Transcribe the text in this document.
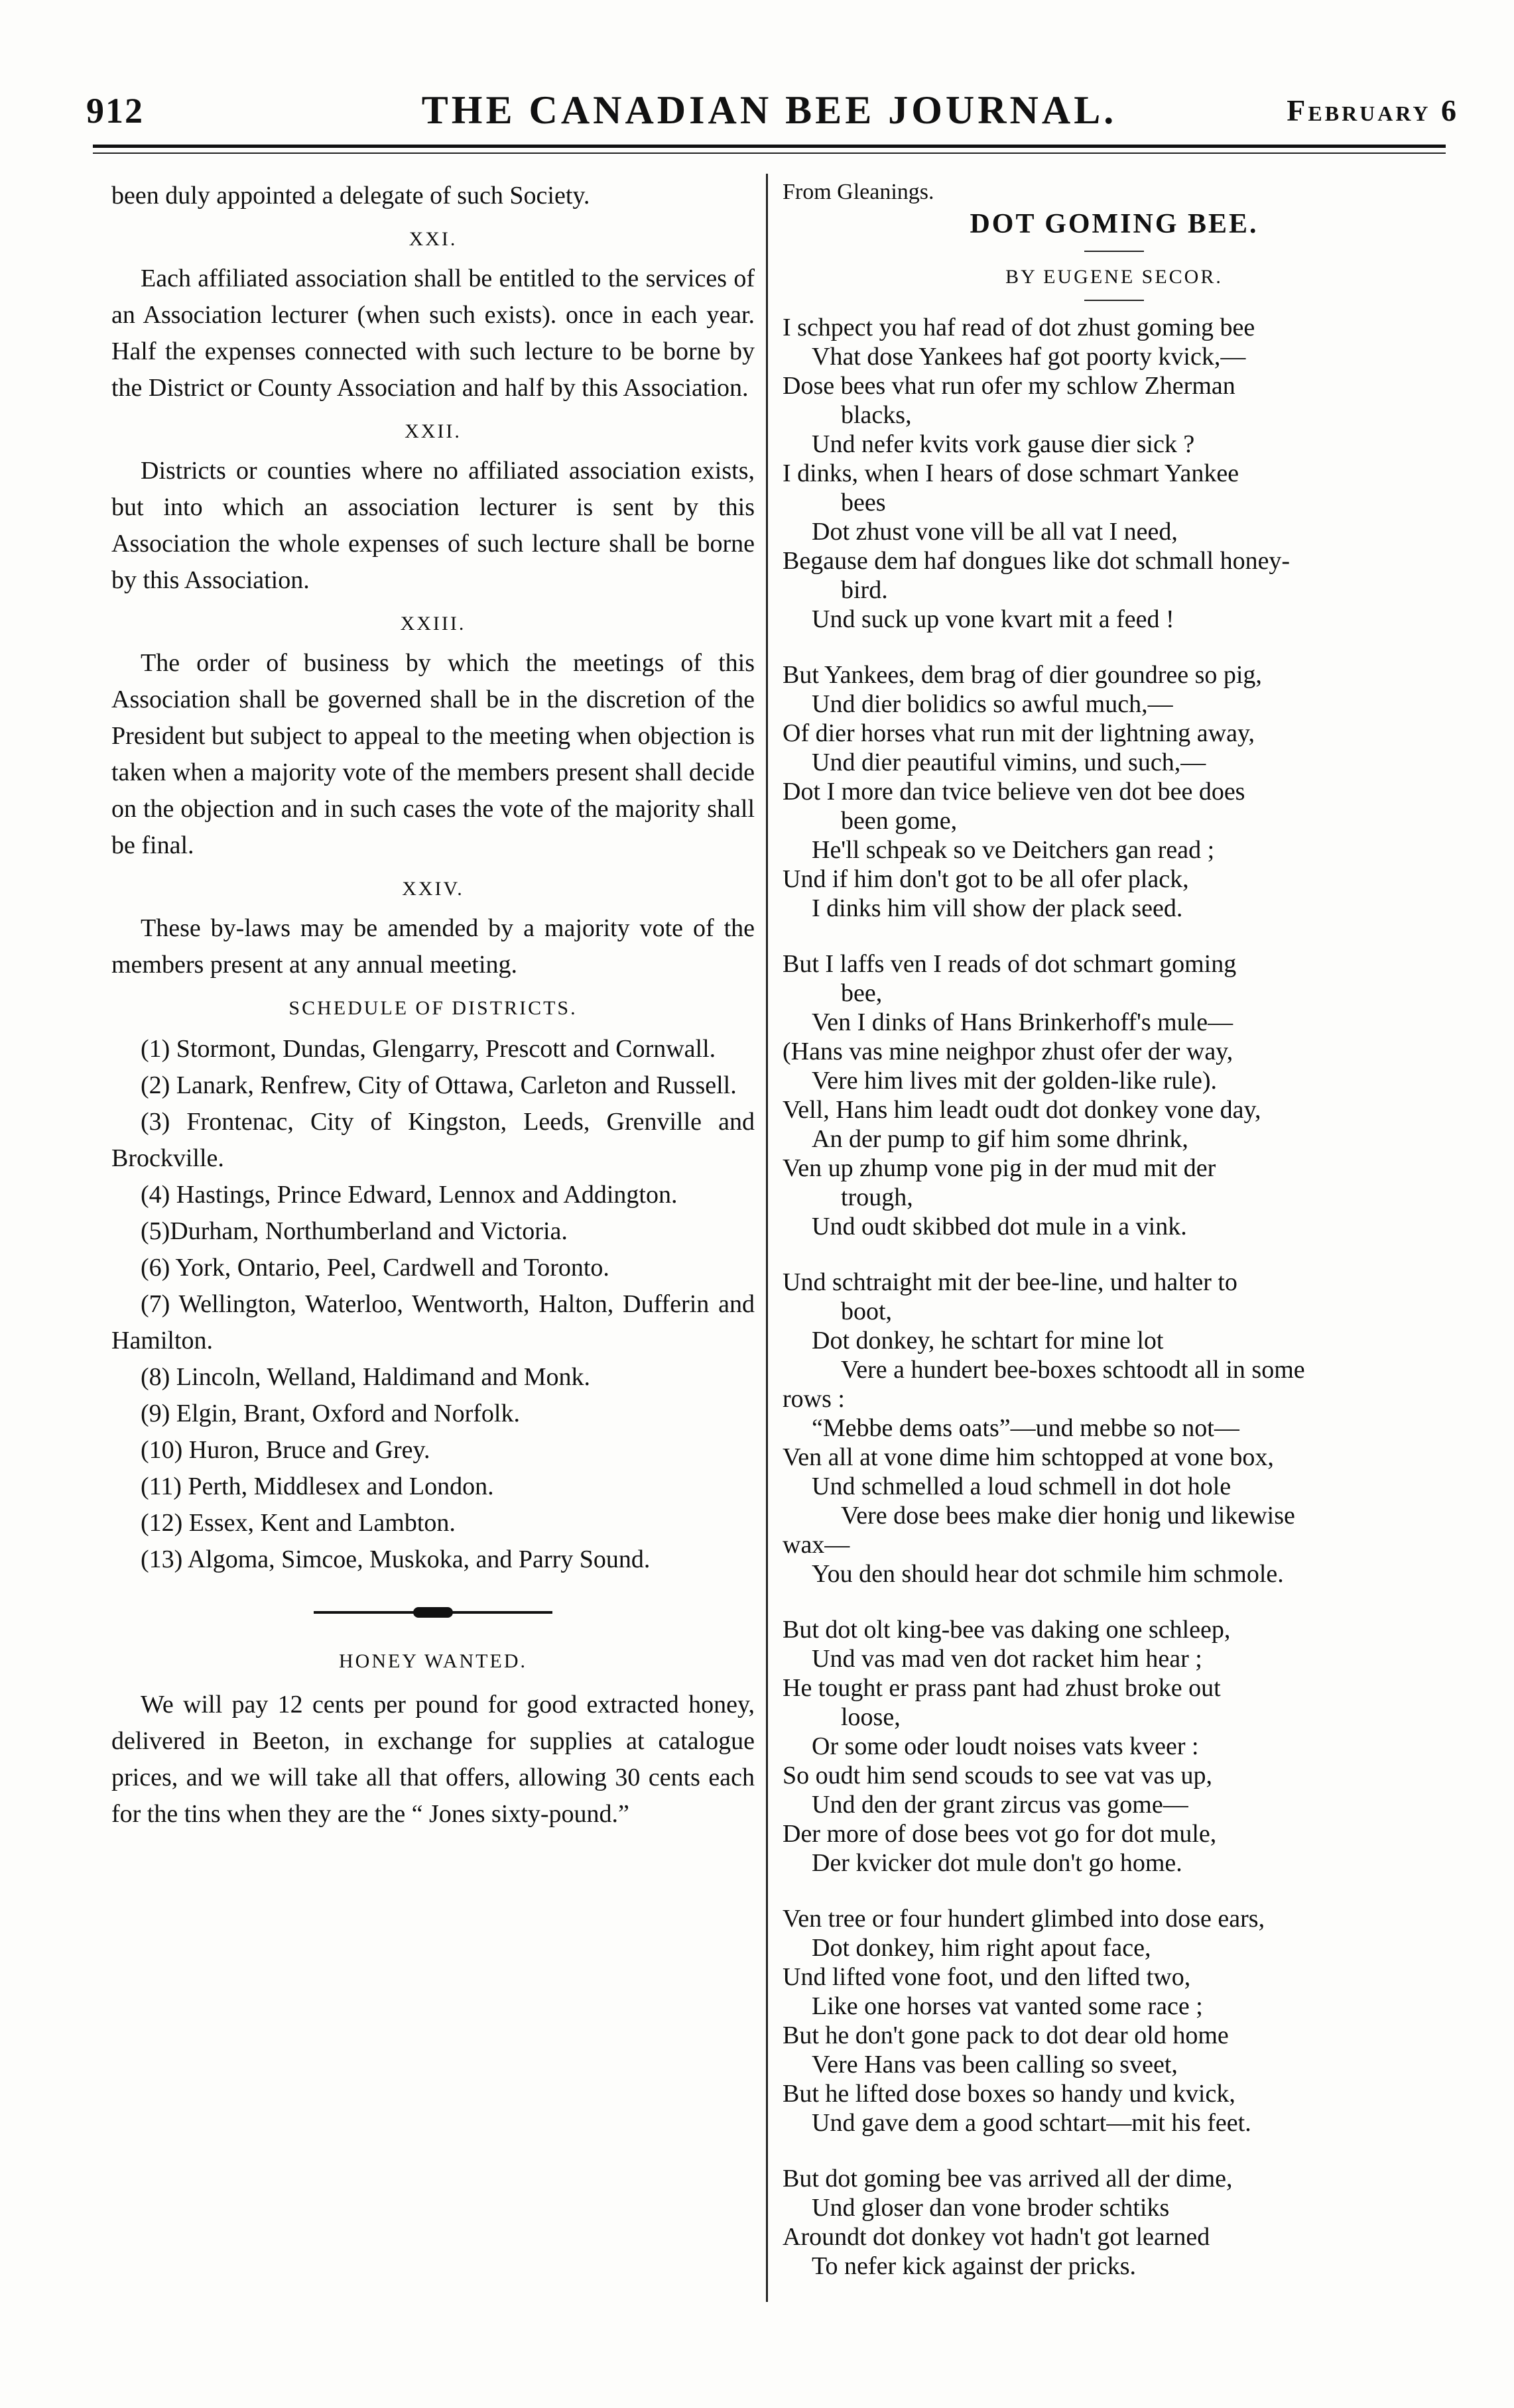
912	THE CANADIAN BEE JOURNAL.	February 6

been duly appointed a delegate of such Society.

XXI.

Each affiliated association shall be entitled to the services of an Association lecturer (when such exists). once in each year. Half the expenses connected with such lecture to be borne by the District or County Association and half by this Association.

XXII.

Districts or counties where no affiliated association exists, but into which an association lecturer is sent by this Association the whole expenses of such lecture shall be borne by this Association.

XXIII.

The order of business by which the meetings of this Association shall be governed shall be in the discretion of the President but subject to appeal to the meeting when objection is taken when a majority vote of the members present shall decide on the objection and in such cases the vote of the majority shall be final.

XXIV.

These by-laws may be amended by a majority vote of the members present at any annual meeting.

SCHEDULE OF DISTRICTS.

(1) Stormont, Dundas, Glengarry, Prescott and Cornwall.

(2) Lanark, Renfrew, City of Ottawa, Carleton and Russell.

(3) Frontenac, City of Kingston, Leeds, Grenville and Brockville.

(4) Hastings, Prince Edward, Lennox and Addington.

(5)Durham, Northumberland and Victoria.

(6) York, Ontario, Peel, Cardwell and Toronto.

(7) Wellington, Waterloo, Wentworth, Halton, Dufferin and Hamilton.

(8) Lincoln, Welland, Haldimand and Monk.

(9) Elgin, Brant, Oxford and Norfolk.

(10) Huron, Bruce and Grey.

(11) Perth, Middlesex and London.

(12) Essex, Kent and Lambton.

(13) Algoma, Simcoe, Muskoka, and Parry Sound.

HONEY WANTED.

We will pay 12 cents per pound for good extracted honey, delivered in Beeton, in exchange for supplies at catalogue prices, and we will take all that offers, allowing 30 cents each for the tins when they are the “ Jones sixty-pound.”

From Gleanings.

DOT GOMING BEE.
BY EUGENE SECOR.
I schpect you haf read of dot zhust goming bee
Vhat dose Yankees haf got poorty kvick,—
Dose bees vhat run ofer my schlow Zherman
blacks,
Und nefer kvits vork gause dier sick ?
I dinks, when I hears of dose schmart Yankee
bees
Dot zhust vone vill be all vat I need,
Begause dem haf dongues like dot schmall honey-
bird.
Und suck up vone kvart mit a feed !
But Yankees, dem brag of dier goundree so pig,
Und dier bolidics so awful much,—
Of dier horses vhat run mit der lightning away,
Und dier peautiful vimins, und such,—
Dot I more dan tvice believe ven dot bee does
been gome,
He'll schpeak so ve Deitchers gan read ;
Und if him don't got to be all ofer plack,
I dinks him vill show der plack seed.
But I laffs ven I reads of dot schmart goming
bee,
Ven I dinks of Hans Brinkerhoff's mule—
(Hans vas mine neighpor zhust ofer der way,
Vere him lives mit der golden-like rule).
Vell, Hans him leadt oudt dot donkey vone day,
An der pump to gif him some dhrink,
Ven up zhump vone pig in der mud mit der
trough,
Und oudt skibbed dot mule in a vink.
Und schtraight mit der bee-line, und halter to
boot,
Dot donkey, he schtart for mine lot
Vere a hundert bee-boxes schtoodt all in some
rows :
“Mebbe dems oats”—und mebbe so not—
Ven all at vone dime him schtopped at vone box,
Und schmelled a loud schmell in dot hole
Vere dose bees make dier honig und likewise
wax—
You den should hear dot schmile him schmole.
But dot olt king-bee vas daking one schleep,
Und vas mad ven dot racket him hear ;
He tought er prass pant had zhust broke out
loose,
Or some oder loudt noises vats kveer :
So oudt him send scouds to see vat vas up,
Und den der grant zircus vas gome—
Der more of dose bees vot go for dot mule,
Der kvicker dot mule don't go home.
Ven tree or four hundert glimbed into dose ears,
Dot donkey, him right apout face,
Und lifted vone foot, und den lifted two,
Like one horses vat vanted some race ;
But he don't gone pack to dot dear old home
Vere Hans vas been calling so sveet,
But he lifted dose boxes so handy und kvick,
Und gave dem a good schtart—mit his feet.
But dot goming bee vas arrived all der dime,
Und gloser dan vone broder schtiks
Aroundt dot donkey vot hadn't got learned
To nefer kick against der pricks.
